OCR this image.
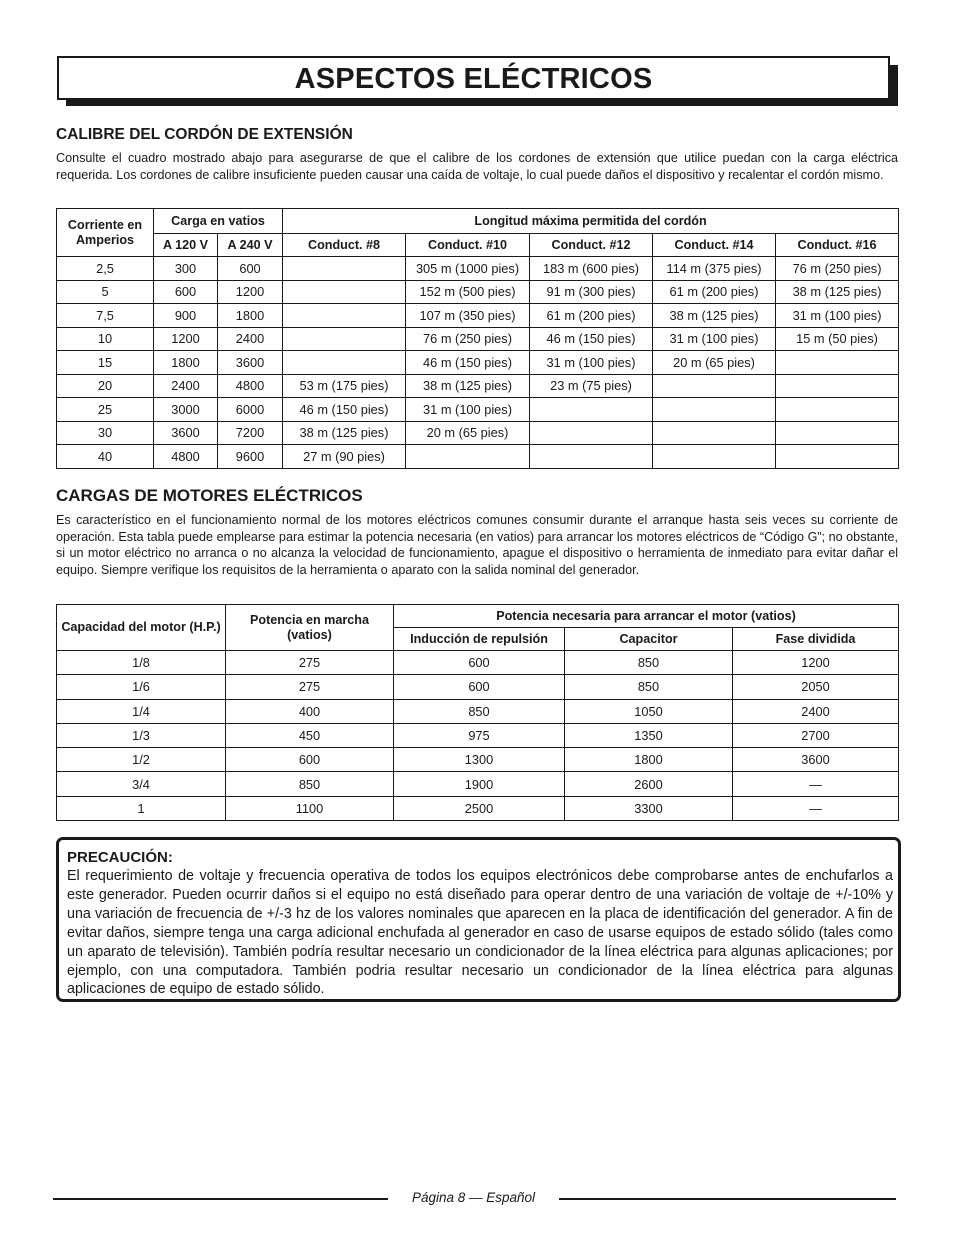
ASPECTOS ELÉCTRICOS
CALIBRE DEL CORDÓN DE EXTENSIÓN

Consulte el cuadro mostrado abajo para asegurarse de que el calibre de los cordones de extensión que utilice puedan con la carga eléctrica requerida. Los cordones de calibre insuficiente pueden causar una caída de voltaje, lo cual puede daños el dispositivo y recalentar el cordón mismo.

Corriente en Amperios	Carga en vatios		Longitud máxima permitida del cordón				
	A 120 V	A 240 V	Conduct. #8	Conduct. #10	Conduct. #12	Conduct. #14	Conduct. #16
2,5	300	600		305 m (1000 pies)	183 m (600 pies)	114 m (375 pies)	76 m (250 pies)
5	600	1200		152 m (500 pies)	91 m (300 pies)	61 m (200 pies)	38 m (125 pies)
7,5	900	1800		107 m (350 pies)	61 m (200 pies)	38 m (125 pies)	31 m (100 pies)
10	1200	2400		76 m (250 pies)	46 m (150 pies)	31 m (100 pies)	15 m (50 pies)
15	1800	3600		46 m (150 pies)	31 m (100 pies)	20 m (65 pies)	
20	2400	4800	53 m (175 pies)	38 m (125 pies)	23 m (75 pies)		
25	3000	6000	46 m (150 pies)	31 m (100 pies)			
30	3600	7200	38 m (125 pies)	20 m (65 pies)			
40	4800	9600	27 m (90 pies)				
CARGAS DE MOTORES ELÉCTRICOS

Es característico en el funcionamiento normal de los motores eléctricos comunes consumir durante el arranque hasta seis veces su corriente de operación. Esta tabla puede emplearse para estimar la potencia necesaria (en vatios) para arrancar los motores eléctricos de “Código G”; no obstante, si un motor eléctrico no arranca o no alcanza la velocidad de funcionamiento, apague el dispositivo o herramienta de inmediato para evitar dañar el equipo. Siempre verifique los requisitos de la herramienta o aparato con la salida nominal del generador.

Capacidad del motor (H.P.)	Potencia en marcha (vatios)	Potencia necesaria para arrancar el motor (vatios)		
		Inducción de repulsión	Capacitor	Fase dividida
1/8	275	600	850	1200
1/6	275	600	850	2050
1/4	400	850	1050	2400
1/3	450	975	1350	2700
1/2	600	1300	1800	3600
3/4	850	1900	2600	—
1	1100	2500	3300	—
PRECAUCIÓN:

El requerimiento de voltaje y frecuencia operativa de todos los equipos electrónicos debe comprobarse antes de enchufarlos a este generador. Pueden ocurrir daños si el equipo no está diseñado para operar dentro de una variación de voltaje de +/-10% y una variación de frecuencia de +/-3 hz de los valores nominales que aparecen en la placa de identificación del generador. A fin de evitar daños, siempre tenga una carga adicional enchufada al generador en caso de usarse equipos de estado sólido (tales como un aparato de televisión). También podría resultar necesario un condicionador de la línea eléctrica para algunas aplicaciones; por ejemplo, con una computadora. También podria resultar necesario un condicionador de la línea eléctrica para algunas aplicaciones de equipo de estado sólido.

Página 8 — Español
